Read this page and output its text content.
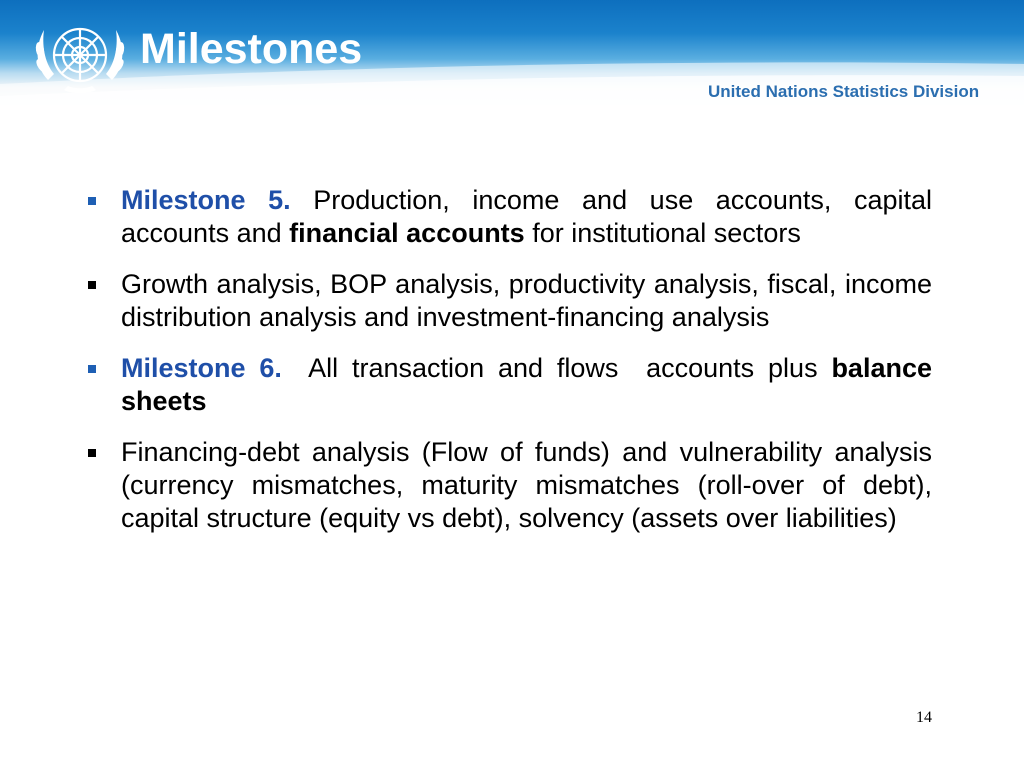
Milestones
United Nations Statistics Division
Milestone 5. Production, income and use accounts, capital accounts and financial accounts for institutional sectors
Growth analysis, BOP analysis, productivity analysis, fiscal, income distribution analysis and investment-financing analysis
Milestone 6.  All transaction and flows  accounts plus balance sheets
Financing-debt analysis (Flow of funds) and vulnerability analysis (currency mismatches, maturity mismatches (roll-over of debt), capital structure (equity vs debt), solvency (assets over liabilities)
14
